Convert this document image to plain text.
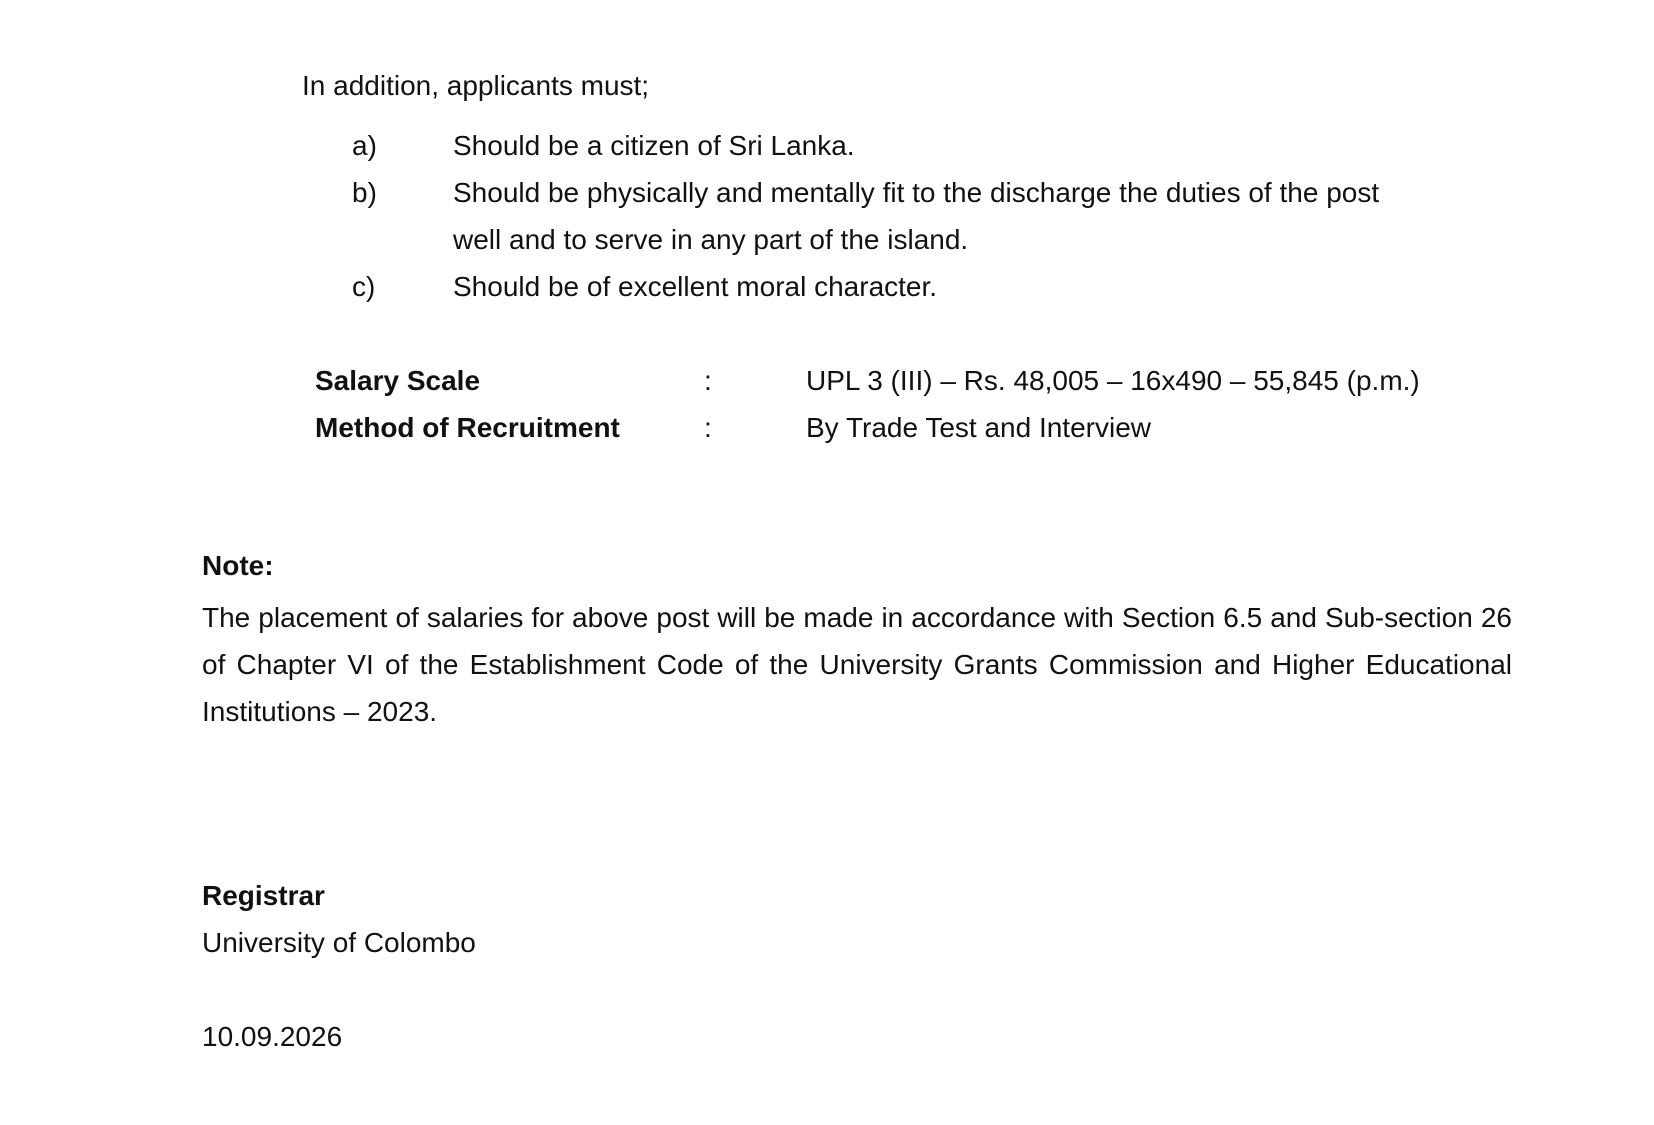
In addition, applicants must;
a)	Should be a citizen of Sri Lanka.
b)	Should be physically and mentally fit to the discharge the duties of the post
well and to serve in any part of the island.
c)	Should be of excellent moral character.
Salary Scale	:	UPL 3 (III) – Rs. 48,005 – 16x490 – 55,845 (p.m.)
Method of Recruitment	:	By Trade Test and Interview
Note:
The placement of salaries for above post will be made in accordance with Section 6.5 and Sub-section 26 of Chapter VI of the Establishment Code of the University Grants Commission and Higher Educational Institutions – 2023.
Registrar
University of Colombo
10.09.2026
